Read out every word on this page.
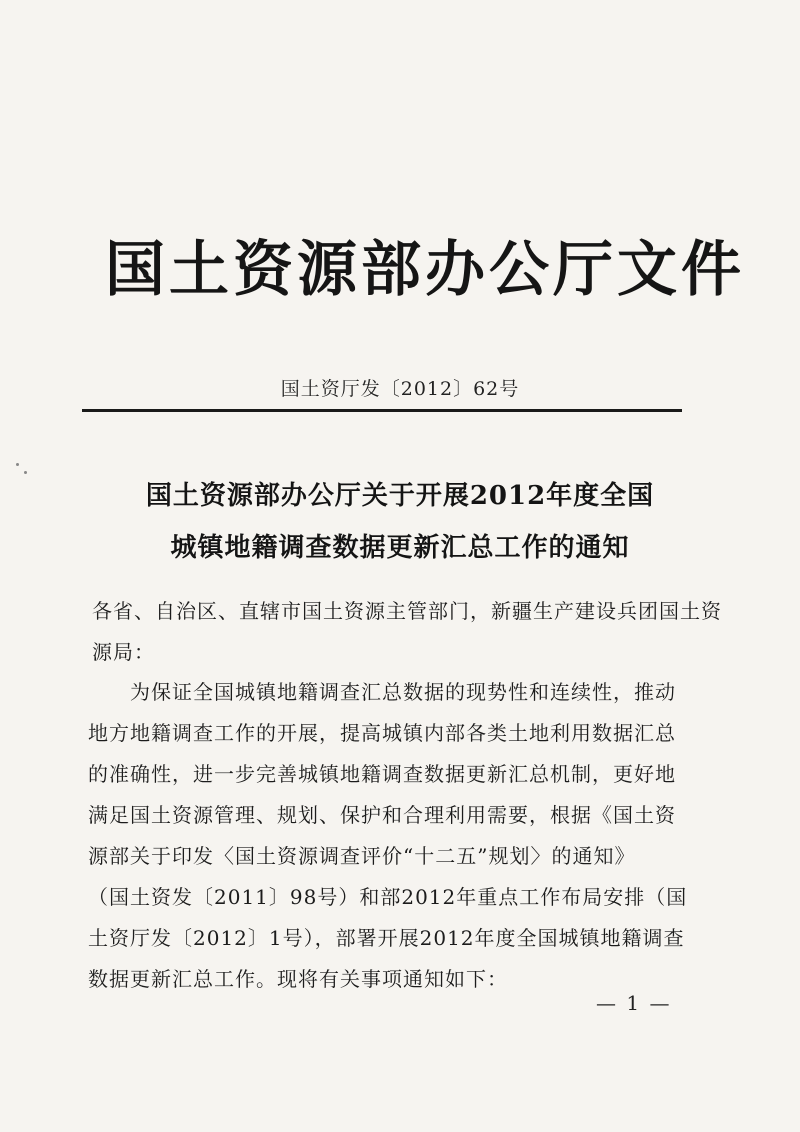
国土资源部办公厅文件
国土资厅发〔2012〕62号
国土资源部办公厅关于开展2012年度全国
城镇地籍调查数据更新汇总工作的通知
各省、自治区、直辖市国土资源主管部门，新疆生产建设兵团国土资源局：
为保证全国城镇地籍调查汇总数据的现势性和连续性，推动
地方地籍调查工作的开展，提高城镇内部各类土地利用数据汇总
的准确性，进一步完善城镇地籍调查数据更新汇总机制，更好地
满足国土资源管理、规划、保护和合理利用需要，根据《国土资
源部关于印发〈国土资源调查评价“十二五”规划〉的通知》
（国土资发〔2011〕98号）和部2012年重点工作布局安排（国
土资厅发〔2012〕1号），部署开展2012年度全国城镇地籍调查
数据更新汇总工作。现将有关事项通知如下：
— 1 —
